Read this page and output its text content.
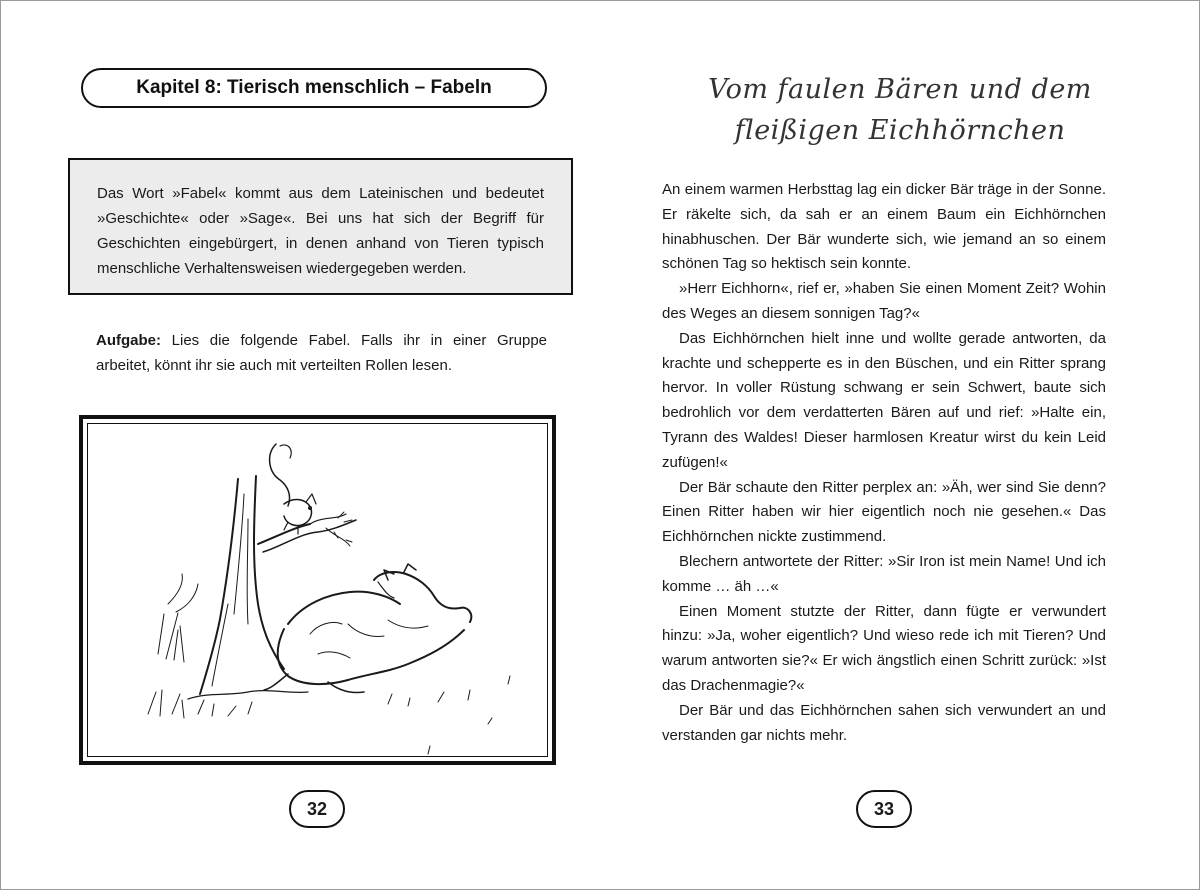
Kapitel 8: Tierisch menschlich – Fabeln

Das Wort »Fabel« kommt aus dem Lateinischen und bedeutet »Geschichte« oder »Sage«. Bei uns hat sich der Begriff für Geschichten eingebürgert, in denen anhand von Tieren typisch menschliche Verhaltensweisen wiedergegeben werden.

Aufgabe: Lies die folgende Fabel. Falls ihr in einer Gruppe arbeitet, könnt ihr sie auch mit verteilten Rollen lesen.

32
Vom faulen Bären und dem
fleißigen Eichhörnchen

An einem warmen Herbsttag lag ein dicker Bär träge in der Sonne. Er räkelte sich, da sah er an einem Baum ein Eichhörnchen hinabhuschen. Der Bär wunderte sich, wie jemand an so einem schönen Tag so hektisch sein konnte.

»Herr Eichhorn«, rief er, »haben Sie einen Moment Zeit? Wohin des Weges an diesem sonnigen Tag?«

Das Eichhörnchen hielt inne und wollte gerade antworten, da krachte und schepperte es in den Büschen, und ein Ritter sprang hervor. In voller Rüstung schwang er sein Schwert, baute sich bedrohlich vor dem verdatterten Bären auf und rief: »Halte ein, Tyrann des Waldes! Dieser harmlosen Kreatur wirst du kein Leid zufügen!«

Der Bär schaute den Ritter perplex an: »Äh, wer sind Sie denn? Einen Ritter haben wir hier eigentlich noch nie gesehen.« Das Eichhörnchen nickte zustimmend.

Blechern antwortete der Ritter: »Sir Iron ist mein Name! Und ich komme … äh …«

Einen Moment stutzte der Ritter, dann fügte er verwundert hinzu: »Ja, woher eigentlich? Und wieso rede ich mit Tieren? Und warum antworten sie?« Er wich ängstlich einen Schritt zurück: »Ist das Drachenmagie?«

Der Bär und das Eichhörnchen sahen sich verwundert an und verstanden gar nichts mehr.

33
